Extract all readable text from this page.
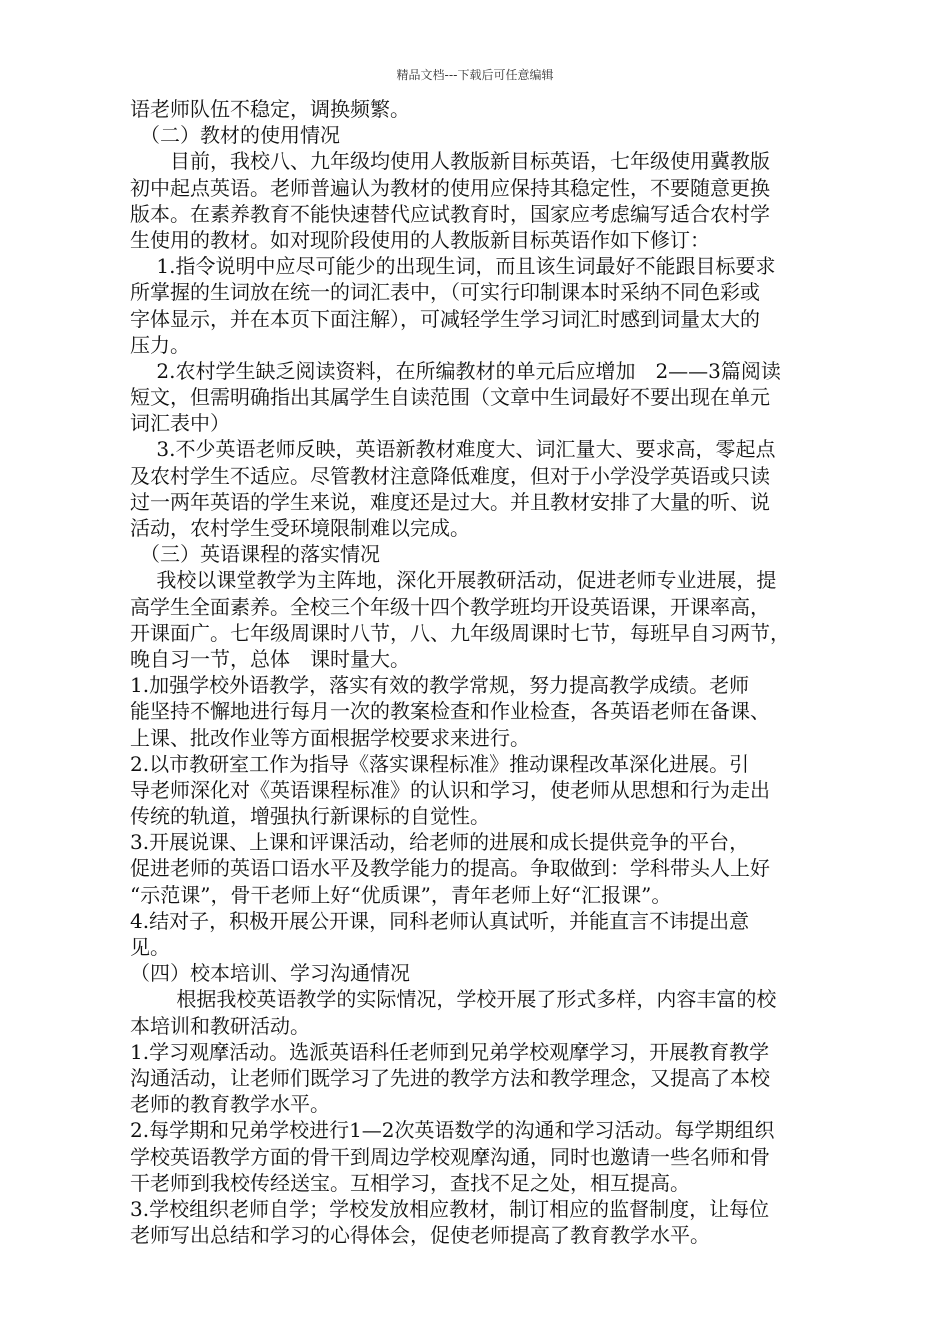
精品文档---下载后可任意编辑
语老师队伍不稳定，调换频繁。
　（二）教材的使用情况
　　目前，我校八、九年级均使用人教版新目标英语，七年级使用冀教版
初中起点英语。老师普遍认为教材的使用应保持其稳定性，不要随意更换
版本。在素养教育不能快速替代应试教育时，国家应考虑编写适合农村学
生使用的教材。如对现阶段使用的人教版新目标英语作如下修订：
　 1.指令说明中应尽可能少的出现生词，而且该生词最好不能跟目标要求
所掌握的生词放在统一的词汇表中，（可实行印制课本时采纳不同色彩或
字体显示，并在本页下面注解），可减轻学生学习词汇时感到词量太大的
压力。
　 2.农村学生缺乏阅读资料，在所编教材的单元后应增加　2——3篇阅读
短文，但需明确指出其属学生自读范围（文章中生词最好不要出现在单元
词汇表中）
　 3.不少英语老师反映，英语新教材难度大、词汇量大、要求高，零起点
及农村学生不适应。尽管教材注意降低难度，但对于小学没学英语或只读
过一两年英语的学生来说，难度还是过大。并且教材安排了大量的听、说
活动，农村学生受环境限制难以完成。
　（三）英语课程的落实情况
　 我校以课堂教学为主阵地，深化开展教研活动，促进老师专业进展，提
高学生全面素养。全校三个年级十四个教学班均开设英语课，开课率高，
开课面广。七年级周课时八节，八、九年级周课时七节，每班早自习两节，
晚自习一节，总体　课时量大。
1.加强学校外语教学，落实有效的教学常规，努力提高教学成绩。老师
能坚持不懈地进行每月一次的教案检查和作业检查，各英语老师在备课、
上课、批改作业等方面根据学校要求来进行。
2.以市教研室工作为指导《落实课程标准》推动课程改革深化进展。引
导老师深化对《英语课程标准》的认识和学习，使老师从思想和行为走出
传统的轨道，增强执行新课标的自觉性。
3.开展说课、上课和评课活动，给老师的进展和成长提供竞争的平台，
促进老师的英语口语水平及教学能力的提高。争取做到：学科带头人上好
“示范课”，骨干老师上好“优质课”，青年老师上好“汇报课”。
4.结对子，积极开展公开课，同科老师认真试听，并能直言不讳提出意
见。
（四）校本培训、学习沟通情况
　　 根据我校英语教学的实际情况，学校开展了形式多样，内容丰富的校
本培训和教研活动。
1.学习观摩活动。选派英语科任老师到兄弟学校观摩学习，开展教育教学
沟通活动，让老师们既学习了先进的教学方法和教学理念，又提高了本校
老师的教育教学水平。
2.每学期和兄弟学校进行1—2次英语数学的沟通和学习活动。每学期组织
学校英语教学方面的骨干到周边学校观摩沟通，同时也邀请一些名师和骨
干老师到我校传经送宝。互相学习，查找不足之处，相互提高。
3.学校组织老师自学；学校发放相应教材，制订相应的监督制度，让每位
老师写出总结和学习的心得体会，促使老师提高了教育教学水平。
